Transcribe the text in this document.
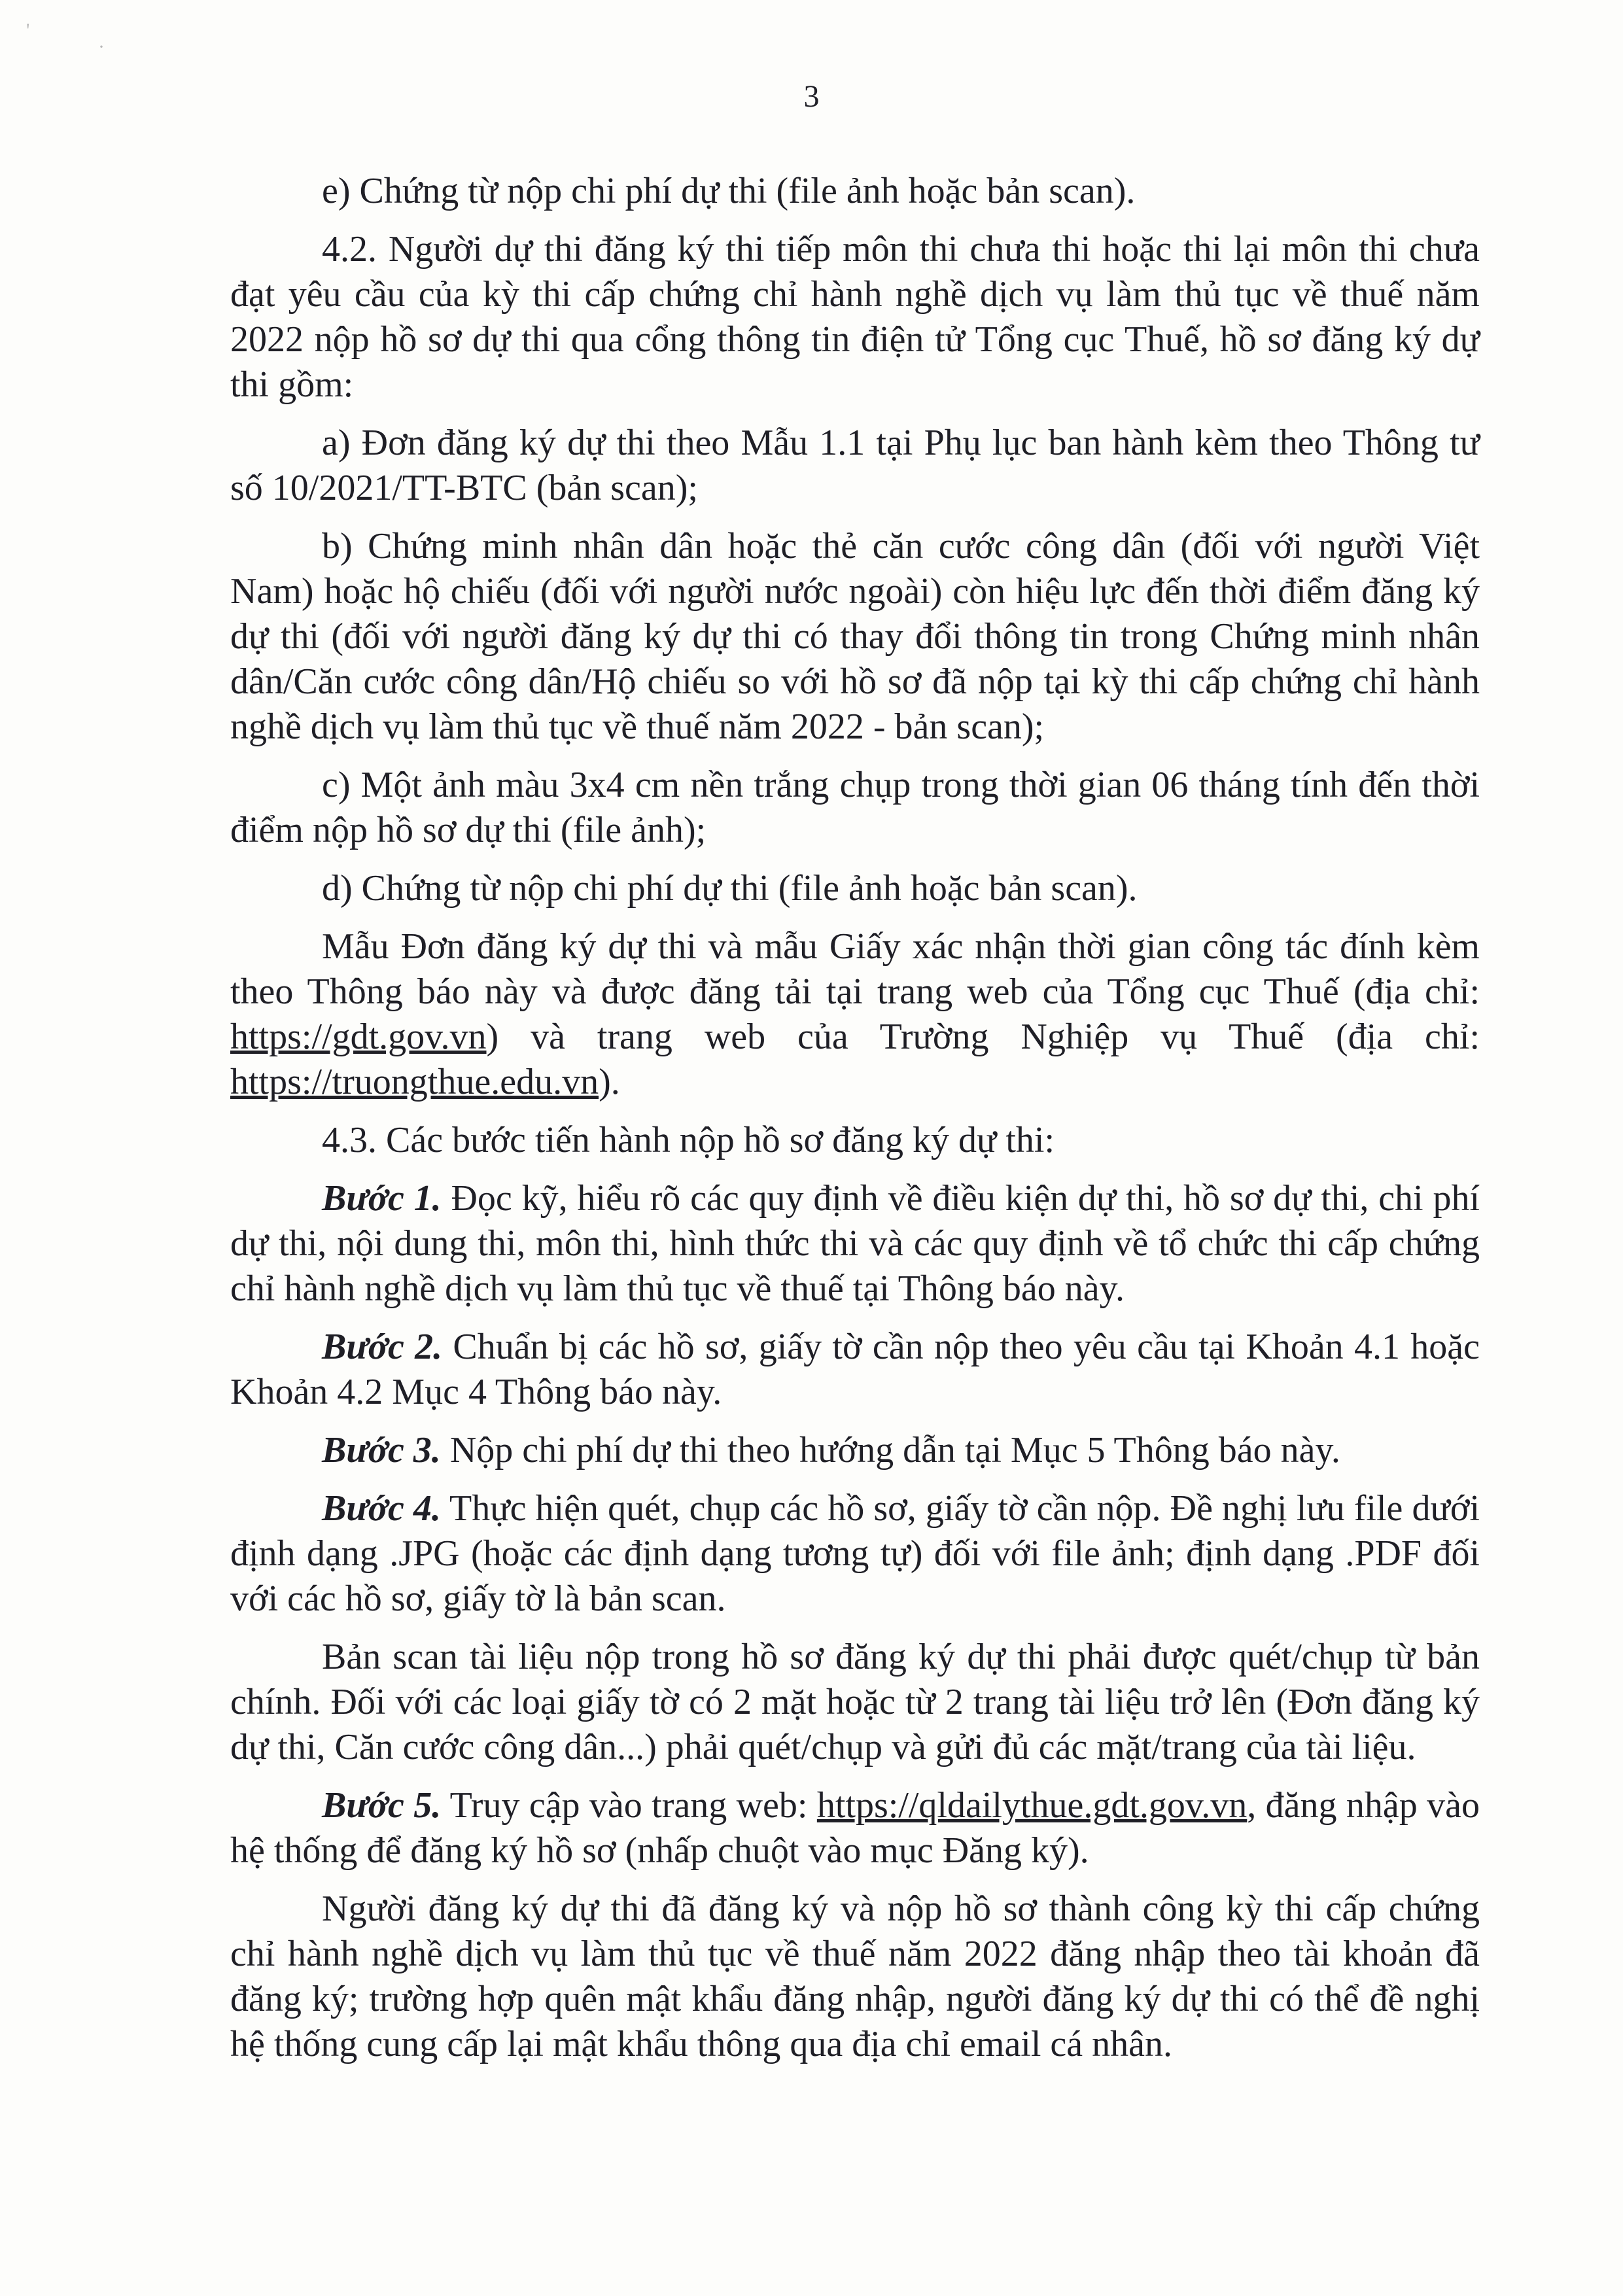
'
·
3

e) Chứng từ nộp chi phí dự thi (file ảnh hoặc bản scan).

4.2. Người dự thi đăng ký thi tiếp môn thi chưa thi hoặc thi lại môn thi chưa đạt yêu cầu của kỳ thi cấp chứng chỉ hành nghề dịch vụ làm thủ tục về thuế năm 2022 nộp hồ sơ dự thi qua cổng thông tin điện tử Tổng cục Thuế, hồ sơ đăng ký dự thi gồm:

a) Đơn đăng ký dự thi theo Mẫu 1.1 tại Phụ lục ban hành kèm theo Thông tư số 10/2021/TT-BTC (bản scan);

b) Chứng minh nhân dân hoặc thẻ căn cước công dân (đối với người Việt Nam) hoặc hộ chiếu (đối với người nước ngoài) còn hiệu lực đến thời điểm đăng ký dự thi (đối với người đăng ký dự thi có thay đổi thông tin trong Chứng minh nhân dân/Căn cước công dân/Hộ chiếu so với hồ sơ đã nộp tại kỳ thi cấp chứng chỉ hành nghề dịch vụ làm thủ tục về thuế năm 2022 - bản scan);

c) Một ảnh màu 3x4 cm nền trắng chụp trong thời gian 06 tháng tính đến thời điểm nộp hồ sơ dự thi (file ảnh);

d) Chứng từ nộp chi phí dự thi (file ảnh hoặc bản scan).

Mẫu Đơn đăng ký dự thi và mẫu Giấy xác nhận thời gian công tác đính kèm theo Thông báo này và được đăng tải tại trang web của Tổng cục Thuế (địa chỉ: https://gdt.gov.vn) và trang web của Trường Nghiệp vụ Thuế (địa chỉ: https://truongthue.edu.vn).

4.3. Các bước tiến hành nộp hồ sơ đăng ký dự thi:

Bước 1. Đọc kỹ, hiểu rõ các quy định về điều kiện dự thi, hồ sơ dự thi, chi phí dự thi, nội dung thi, môn thi, hình thức thi và các quy định về tổ chức thi cấp chứng chỉ hành nghề dịch vụ làm thủ tục về thuế tại Thông báo này.

Bước 2. Chuẩn bị các hồ sơ, giấy tờ cần nộp theo yêu cầu tại Khoản 4.1 hoặc Khoản 4.2 Mục 4 Thông báo này.

Bước 3. Nộp chi phí dự thi theo hướng dẫn tại Mục 5 Thông báo này.

Bước 4. Thực hiện quét, chụp các hồ sơ, giấy tờ cần nộp. Đề nghị lưu file dưới định dạng .JPG (hoặc các định dạng tương tự) đối với file ảnh; định dạng .PDF đối với các hồ sơ, giấy tờ là bản scan.

Bản scan tài liệu nộp trong hồ sơ đăng ký dự thi phải được quét/chụp từ bản chính. Đối với các loại giấy tờ có 2 mặt hoặc từ 2 trang tài liệu trở lên (Đơn đăng ký dự thi, Căn cước công dân...) phải quét/chụp và gửi đủ các mặt/trang của tài liệu.

Bước 5. Truy cập vào trang web: https://qldailythue.gdt.gov.vn, đăng nhập vào hệ thống để đăng ký hồ sơ (nhấp chuột vào mục Đăng ký).

Người đăng ký dự thi đã đăng ký và nộp hồ sơ thành công kỳ thi cấp chứng chỉ hành nghề dịch vụ làm thủ tục về thuế năm 2022 đăng nhập theo tài khoản đã đăng ký; trường hợp quên mật khẩu đăng nhập, người đăng ký dự thi có thể đề nghị hệ thống cung cấp lại mật khẩu thông qua địa chỉ email cá nhân.
